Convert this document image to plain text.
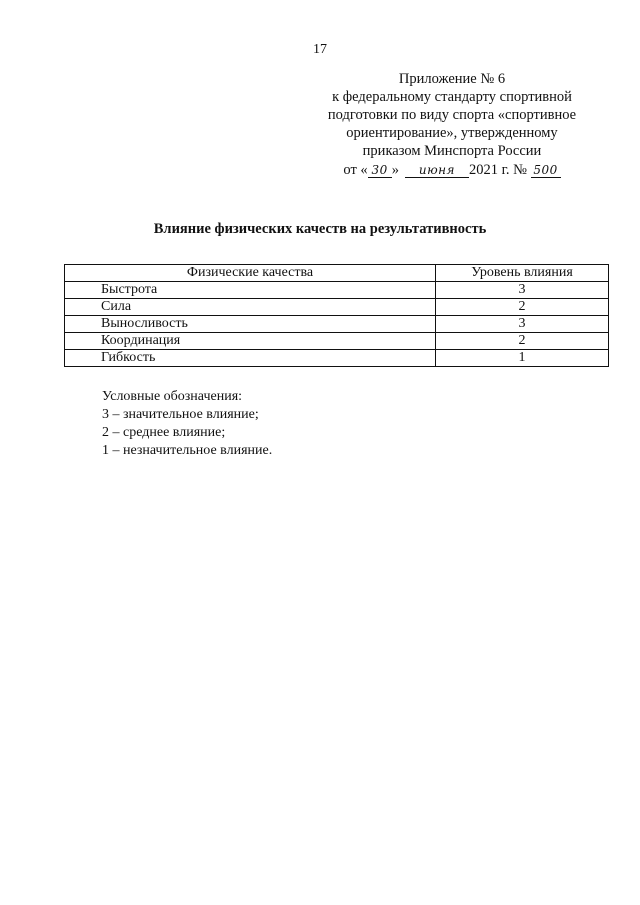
17
Приложение № 6
к федеральному стандарту спортивной
подготовки по виду спорта «спортивное
ориентирование», утвержденному
приказом Минспорта России
от « 30 » июня 2021 г. № 500
Влияние физических качеств на результативность
Физические качества	Уровень влияния
Быстрота	3
Сила	2
Выносливость	3
Координация	2
Гибкость	1
Условные обозначения:
3 – значительное влияние;
2 – среднее влияние;
1 – незначительное влияние.
